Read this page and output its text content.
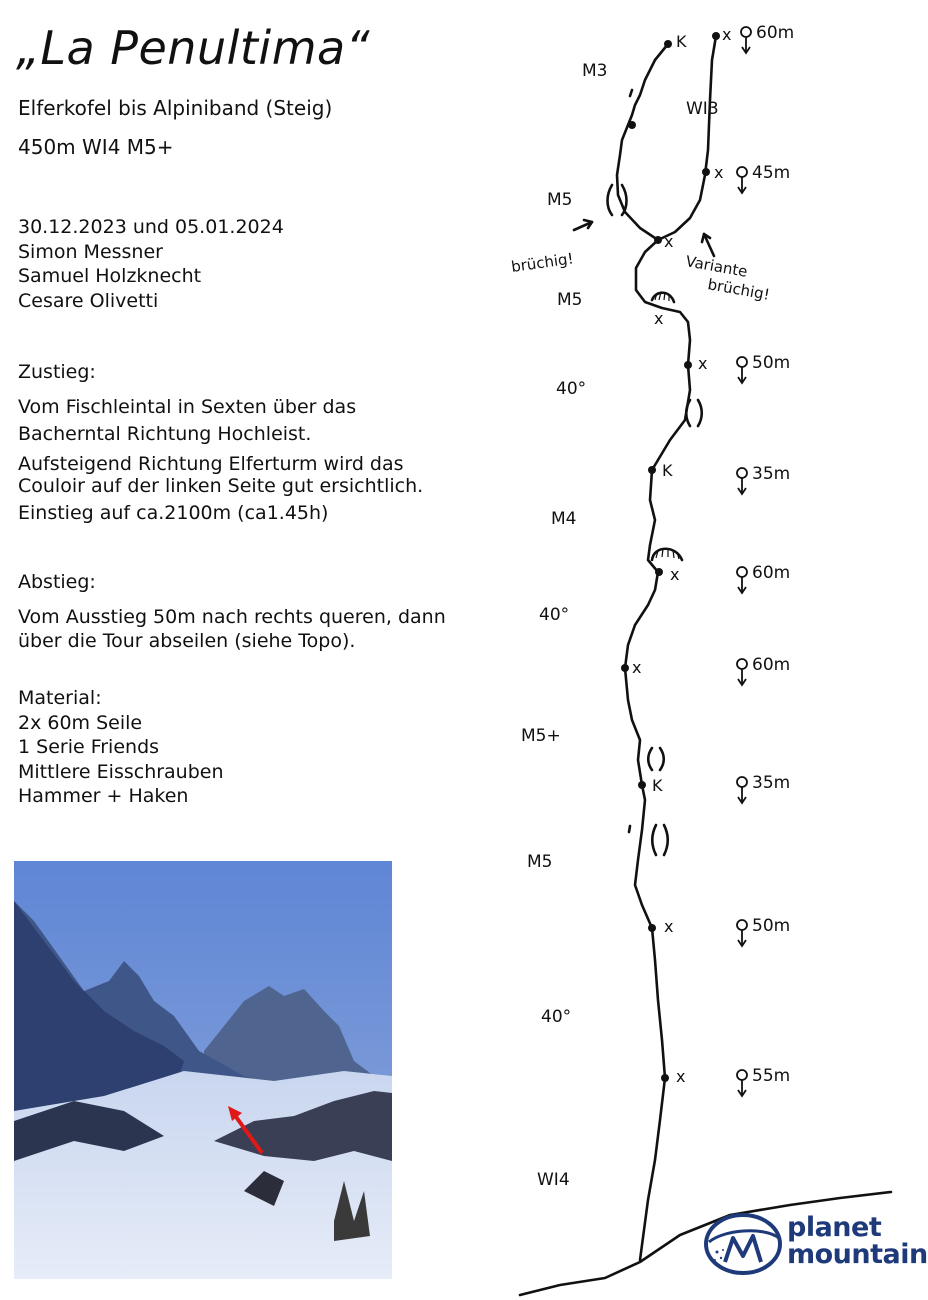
„La Penultima“
Elferkofel bis Alpiniband (Steig)
450m WI4 M5+
30.12.2023 und 05.01.2024
Simon Messner
Samuel Holzknecht
Cesare Olivetti
Zustieg:
Vom Fischleintal in Sexten über das
Bacherntal Richtung Hochleist.
Aufsteigend Richtung Elferturm wird das
Couloir auf der linken Seite gut ersichtlich.
Einstieg auf ca.2100m (ca1.45h)
Abstieg:
Vom Ausstieg 50m nach rechts queren, dann
über die Tour abseilen (siehe Topo).
Material:
2x 60m Seile
1 Serie Friends
Mittlere Eisschrauben
Hammer + Haken
M3
WI3
M5
M5
40°
M4
40°
M5+
M5
40°
WI4
K x
x
x
x
x
K
x
x
K
x
x
60m
45m
50m
35m
60m
60m
35m
50m
55m
brüchig!	Variante
brüchig!
planet
mountain
